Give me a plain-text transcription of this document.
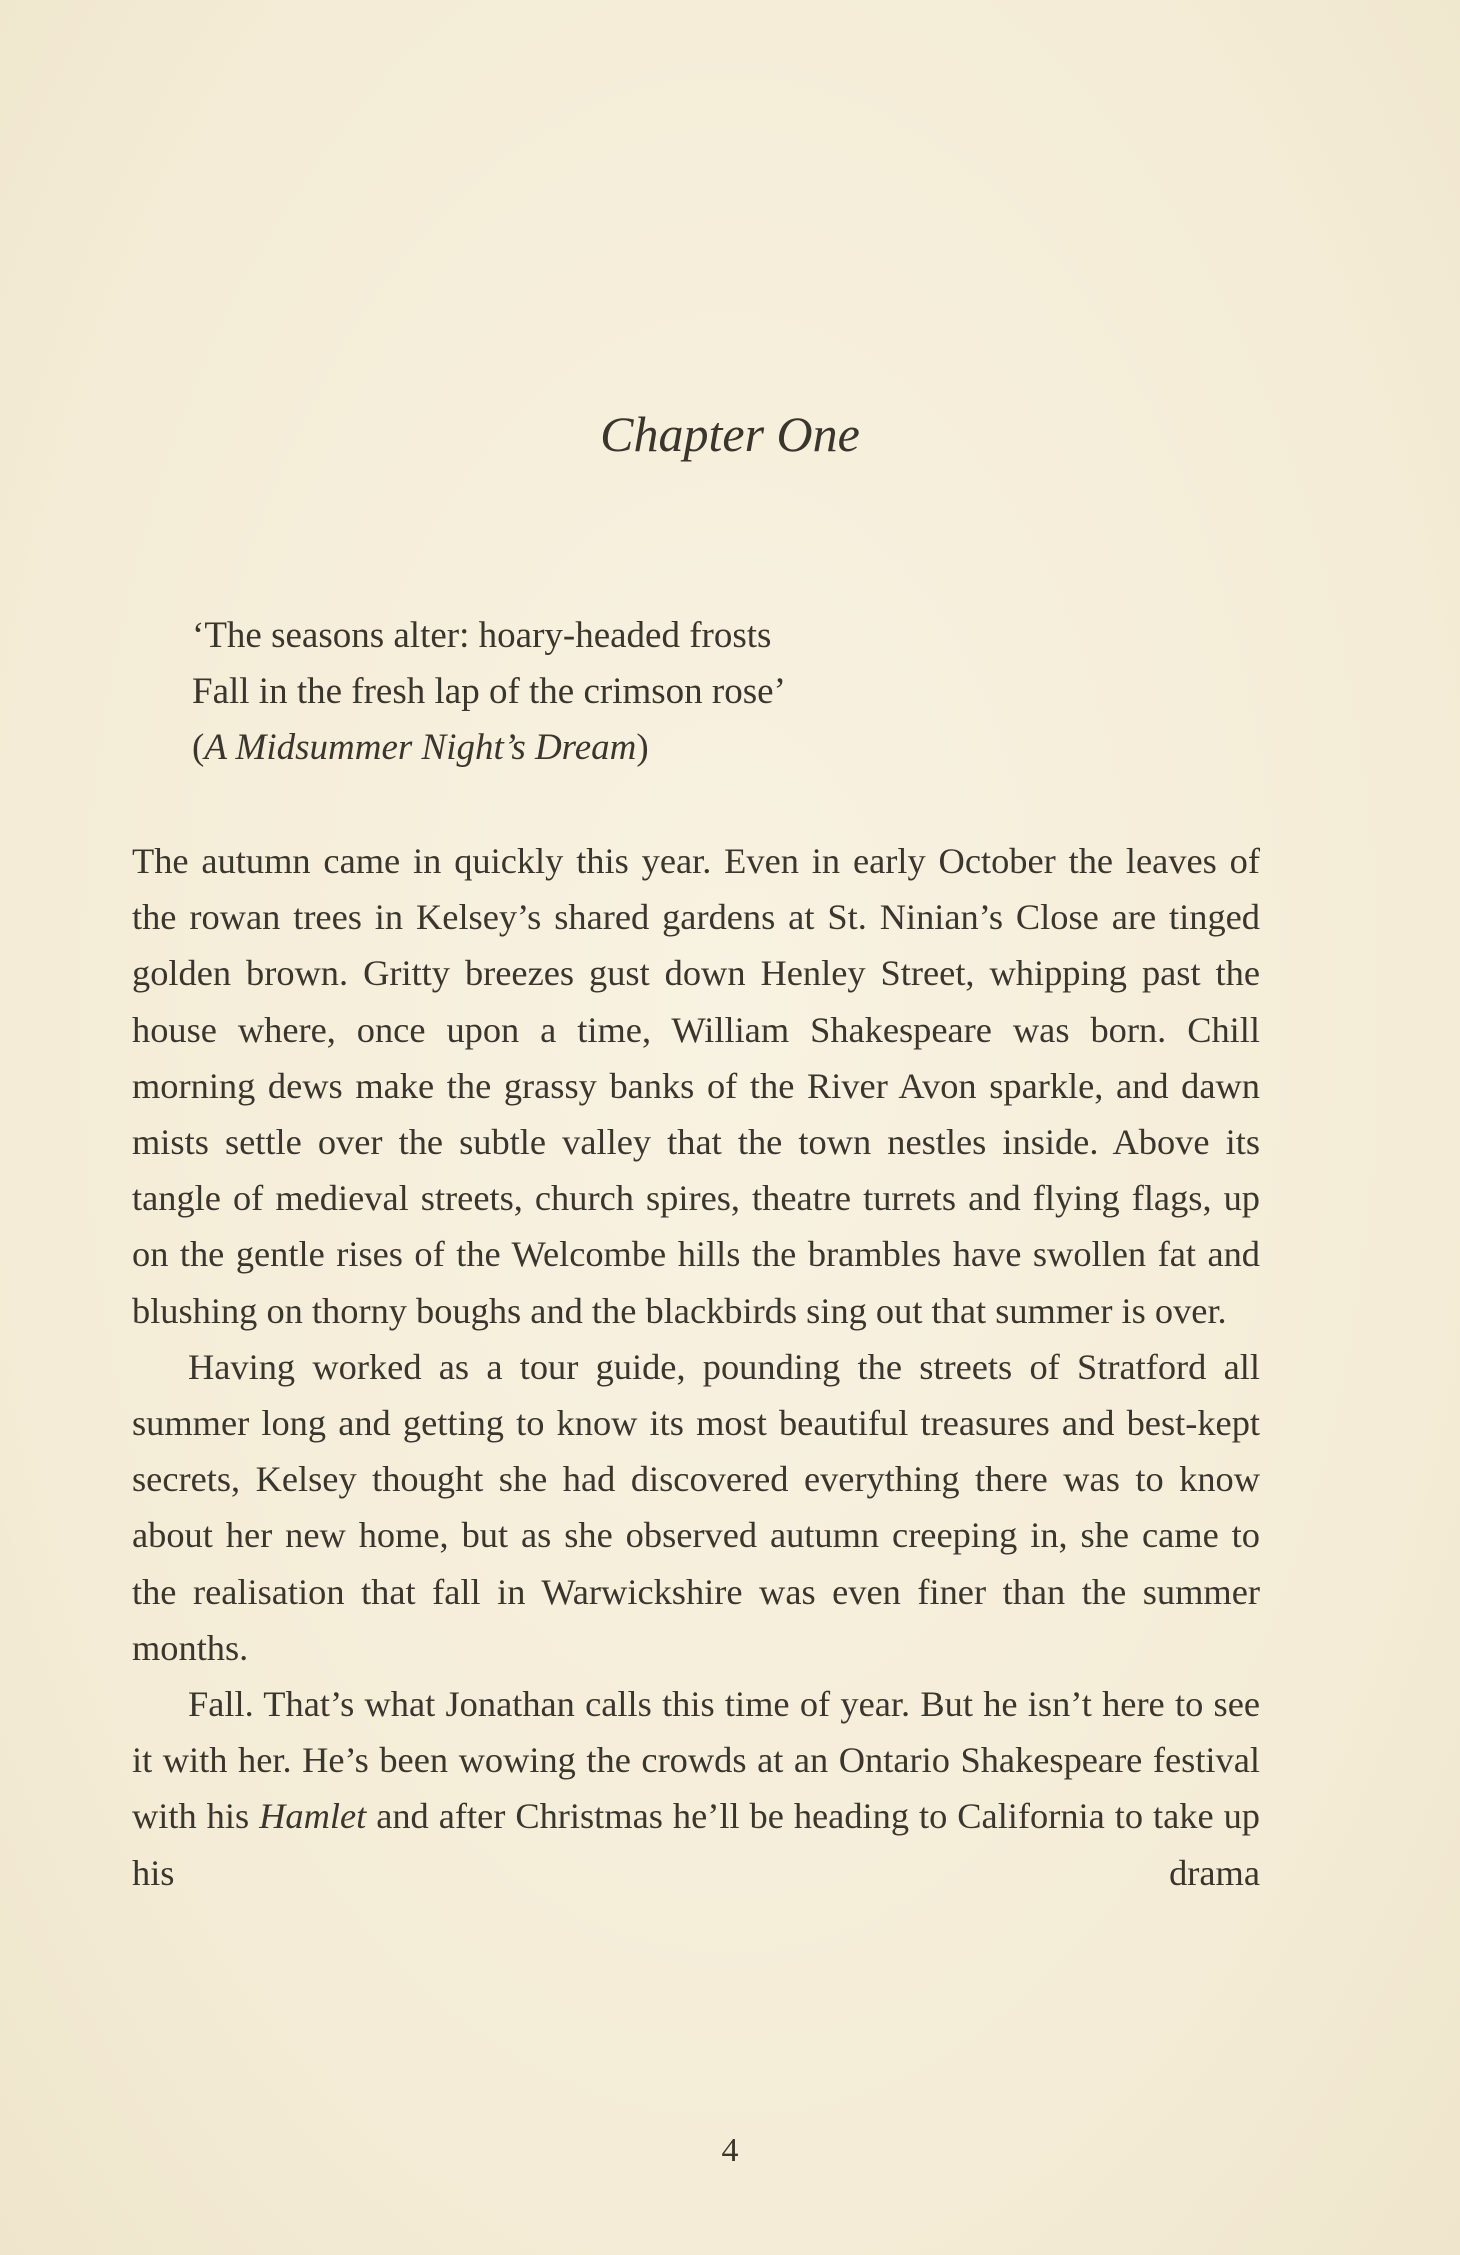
Chapter One
‘The seasons alter: hoary-headed frosts
Fall in the fresh lap of the crimson rose’
(A Midsummer Night’s Dream)

The autumn came in quickly this year. Even in early October the leaves of the rowan trees in Kelsey’s shared gardens at St. Ninian’s Close are tinged golden brown. Gritty breezes gust down Henley Street, whipping past the house where, once upon a time, William Shakespeare was born. Chill morning dews make the grassy banks of the River Avon sparkle, and dawn mists settle over the subtle valley that the town nestles inside. Above its tangle of medieval streets, church spires, theatre turrets and flying flags, up on the gentle rises of the Welcombe hills the brambles have swollen fat and blushing on thorny boughs and the blackbirds sing out that summer is over.

Having worked as a tour guide, pounding the streets of Stratford all summer long and getting to know its most beautiful treasures and best-kept secrets, Kelsey thought she had discovered everything there was to know about her new home, but as she observed autumn creeping in, she came to the realisation that fall in Warwickshire was even finer than the summer months.

Fall. That’s what Jonathan calls this time of year. But he isn’t here to see it with her. He’s been wowing the crowds at an Ontario Shakespeare festival with his Hamlet and after Christmas he’ll be heading to California to take up his drama

4
